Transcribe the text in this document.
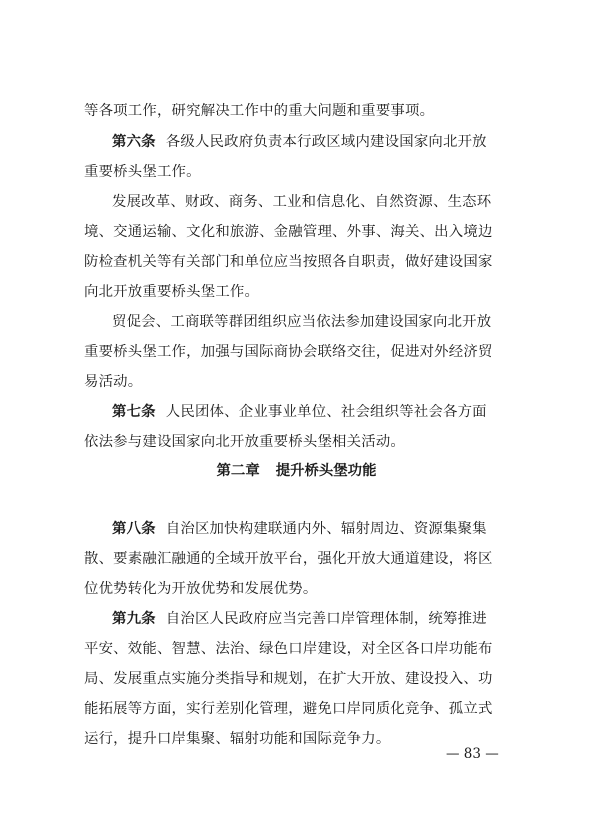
等各项工作，研究解决工作中的重大问题和重要事项。
第六条 各级人民政府负责本行政区域内建设国家向北开放
重要桥头堡工作。
发展改革、财政、商务、工业和信息化、自然资源、生态环
境、交通运输、文化和旅游、金融管理、外事、海关、出入境边
防检查机关等有关部门和单位应当按照各自职责，做好建设国家
向北开放重要桥头堡工作。
贸促会、工商联等群团组织应当依法参加建设国家向北开放
重要桥头堡工作，加强与国际商协会联络交往，促进对外经济贸
易活动。
第七条 人民团体、企业事业单位、社会组织等社会各方面
依法参与建设国家向北开放重要桥头堡相关活动。
第二章 提升桥头堡功能
第八条 自治区加快构建联通内外、辐射周边、资源集聚集
散、要素融汇融通的全域开放平台，强化开放大通道建设，将区
位优势转化为开放优势和发展优势。
第九条 自治区人民政府应当完善口岸管理体制，统筹推进
平安、效能、智慧、法治、绿色口岸建设，对全区各口岸功能布
局、发展重点实施分类指导和规划，在扩大开放、建设投入、功
能拓展等方面，实行差别化管理，避免口岸同质化竞争、孤立式
运行，提升口岸集聚、辐射功能和国际竞争力。
— 83 —
